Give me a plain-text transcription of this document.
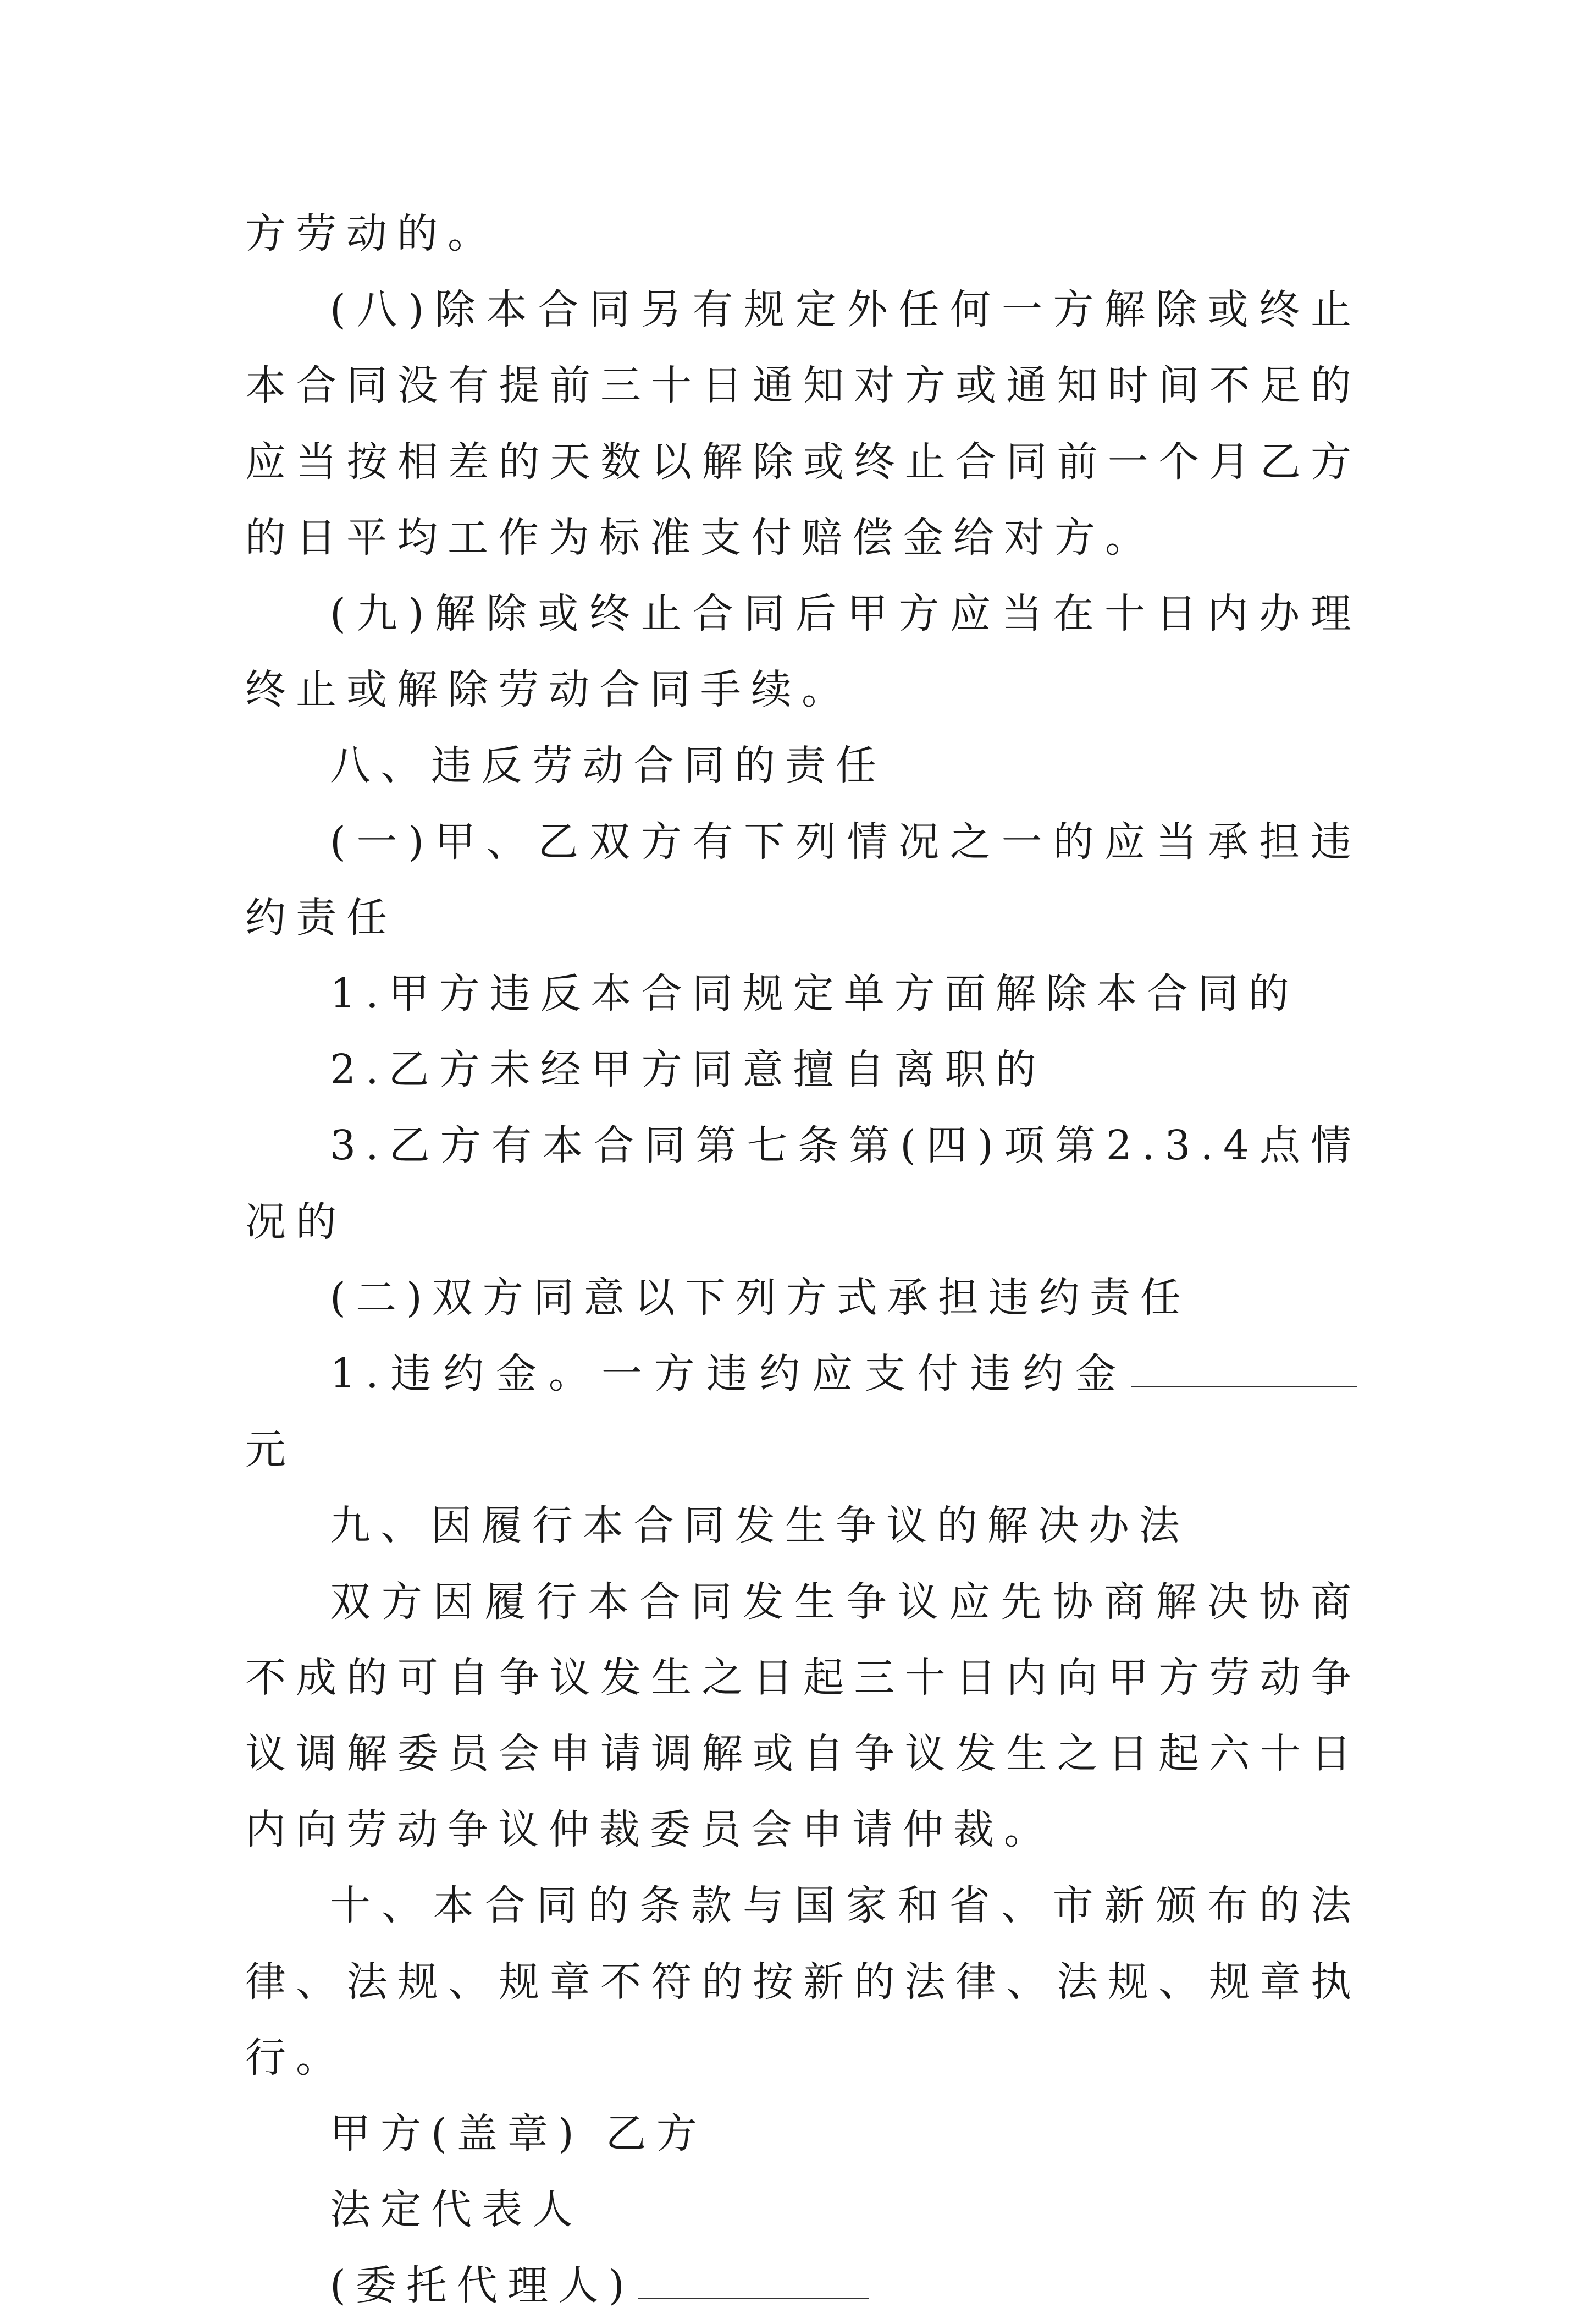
方劳动的。

(八)除本合同另有规定外任何一方解除或终止本合同没有提前三十日通知对方或通知时间不足的应当按相差的天数以解除或终止合同前一个月乙方的日平均工作为标准支付赔偿金给对方。

(九)解除或终止合同后甲方应当在十日内办理终止或解除劳动合同手续。

八、违反劳动合同的责任

(一)甲、乙双方有下列情况之一的应当承担违约责任

1.甲方违反本合同规定单方面解除本合同的

2.乙方未经甲方同意擅自离职的

3.乙方有本合同第七条第(四)项第2.3.4点情况的

(二)双方同意以下列方式承担违约责任

1.违约金。一方违约应支付违约金元

九、因履行本合同发生争议的解决办法

双方因履行本合同发生争议应先协商解决协商不成的可自争议发生之日起三十日内向甲方劳动争议调解委员会申请调解或自争议发生之日起六十日内向劳动争议仲裁委员会申请仲裁。

十、本合同的条款与国家和省、市新颁布的法律、法规、规章不符的按新的法律、法规、规章执行。

甲方(盖章) 乙方

法定代表人

(委托代理人)
